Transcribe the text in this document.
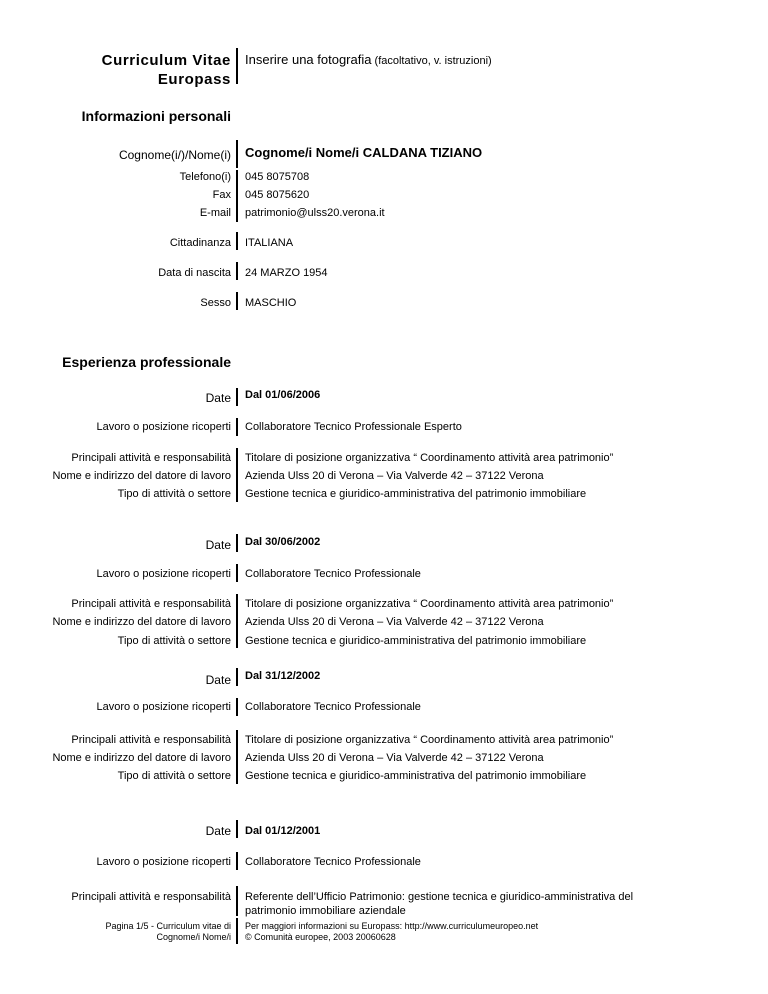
Curriculum Vitae
Europass
Inserire una fotografia (facoltativo, v. istruzioni)
Informazioni personali
Cognome(i/)/Nome(i) Cognome/i Nome/i CALDANA TIZIANO
Telefono(i) 045 8075708
Fax 045 8075620
E-mail patrimonio@ulss20.verona.it
Cittadinanza ITALIANA
Data di nascita 24 MARZO 1954
Sesso MASCHIO
Esperienza professionale
Date Dal 01/06/2006
Lavoro o posizione ricoperti Collaboratore Tecnico Professionale Esperto
Principali attività e responsabilità Titolare di posizione organizzativa “ Coordinamento attività area patrimonio”
Nome e indirizzo del datore di lavoro Azienda Ulss 20 di Verona – Via Valverde 42 – 37122 Verona
Tipo di attività o settore Gestione tecnica e giuridico-amministrativa del patrimonio immobiliare
Date Dal 30/06/2002
Lavoro o posizione ricoperti Collaboratore Tecnico Professionale
Principali attività e responsabilità Titolare di posizione organizzativa “ Coordinamento attività area patrimonio”
Nome e indirizzo del datore di lavoro Azienda Ulss 20 di Verona – Via Valverde 42 – 37122 Verona
Tipo di attività o settore Gestione tecnica e giuridico-amministrativa del patrimonio immobiliare
Date Dal 31/12/2002
Lavoro o posizione ricoperti Collaboratore Tecnico Professionale
Principali attività e responsabilità Titolare di posizione organizzativa “ Coordinamento attività area patrimonio”
Nome e indirizzo del datore di lavoro Azienda Ulss 20 di Verona – Via Valverde 42 – 37122 Verona
Tipo di attività o settore Gestione tecnica e giuridico-amministrativa del patrimonio immobiliare
Date Dal 01/12/2001
Lavoro o posizione ricoperti Collaboratore Tecnico Professionale
Principali attività e responsabilità Referente dell’Ufficio Patrimonio: gestione tecnica e giuridico-amministrativa del patrimonio immobiliare aziendale
Pagina 1/5 - Curriculum vitae di
Cognome/i Nome/i
Per maggiori informazioni su Europass: http://www.curriculumeuropeo.net
© Comunità europee, 2003 20060628
